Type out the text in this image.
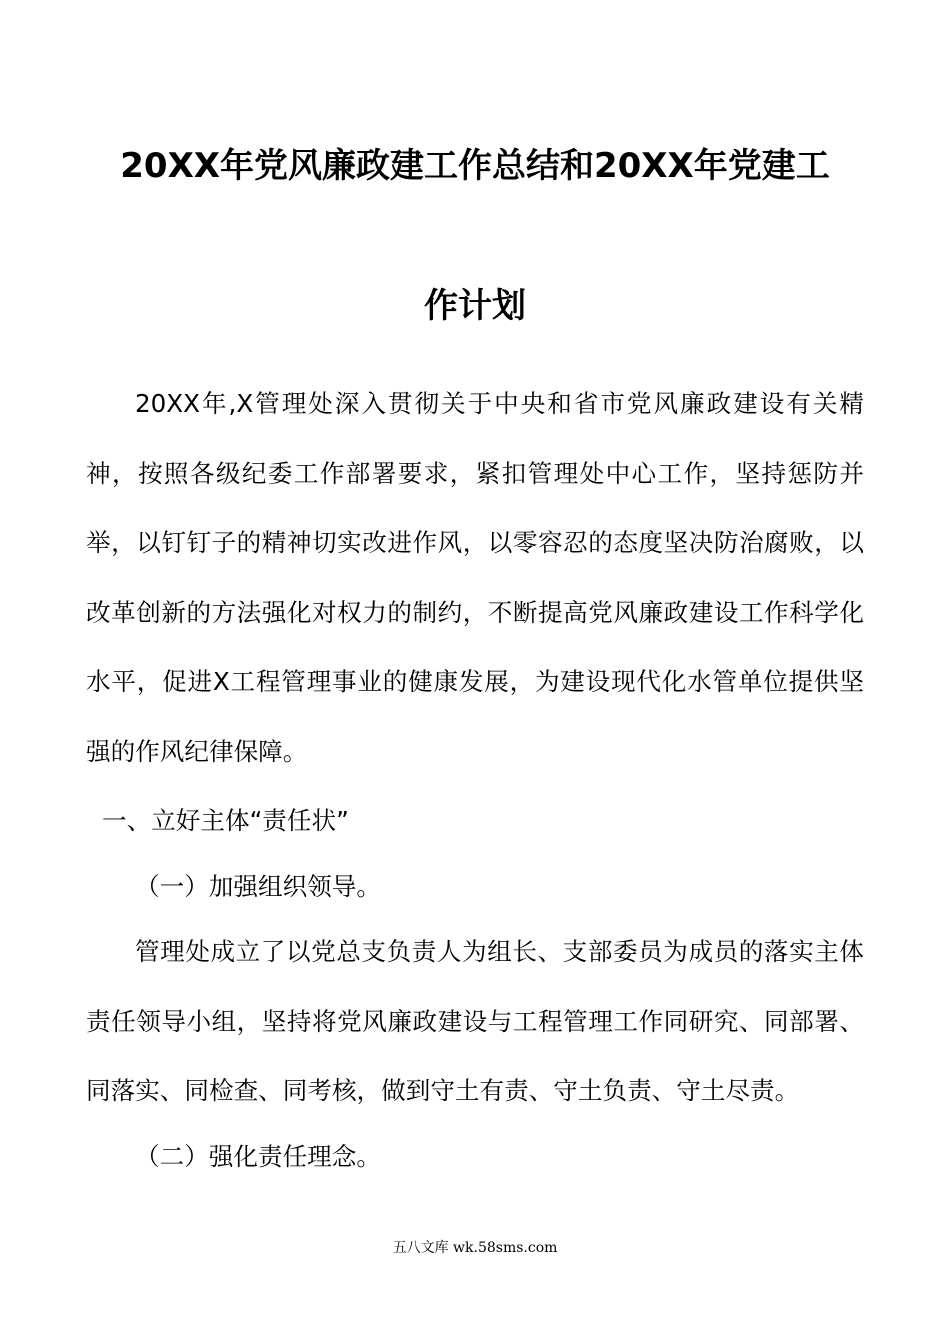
20XX年党风廉政建工作总结和20XX年党建工
作计划
20XX年,X管理处深入贯彻关于中央和省市党风廉政建设有关精神，按照各级纪委工作部署要求，紧扣管理处中心工作，坚持惩防并举，以钉钉子的精神切实改进作风，以零容忍的态度坚决防治腐败，以改革创新的方法强化对权力的制约，不断提高党风廉政建设工作科学化水平，促进X工程管理事业的健康发展，为建设现代化水管单位提供坚强的作风纪律保障。
一、立好主体“责任状”
（一）加强组织领导。
管理处成立了以党总支负责人为组长、支部委员为成员的落实主体责任领导小组，坚持将党风廉政建设与工程管理工作同研究、同部署、同落实、同检查、同考核，做到守土有责、守土负责、守土尽责。
（二）强化责任理念。
五八文库 wk.58sms.com
